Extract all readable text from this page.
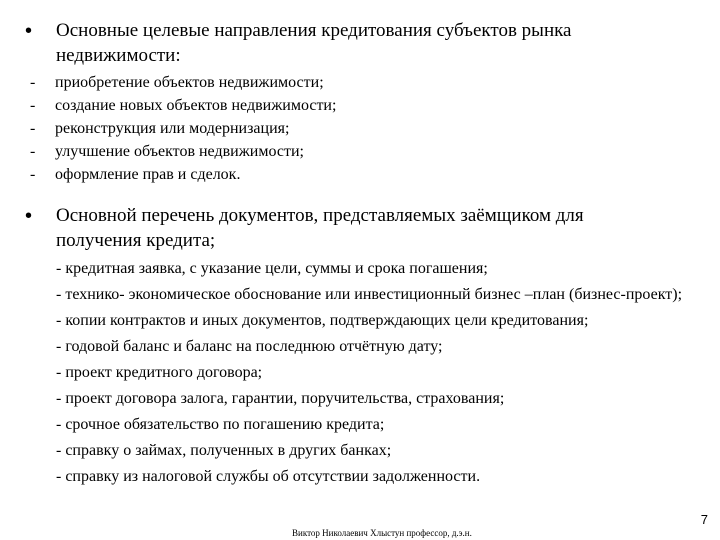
• Основные целевые направления кредитования субъектов рынка недвижимости:
- приобретение объектов недвижимости;
- создание новых объектов недвижимости;
- реконструкция или модернизация;
- улучшение объектов недвижимости;
- оформление прав и сделок.
• Основной перечень документов, представляемых заёмщиком для получения кредита;
- кредитная заявка, с указание цели, суммы и срока погашения;
- технико- экономическое обоснование или инвестиционный бизнес –план (бизнес-проект);
- копии контрактов и иных документов, подтверждающих цели кредитования;
- годовой баланс и баланс на последнюю отчётную дату;
- проект кредитного договора;
- проект договора залога, гарантии, поручительства, страхования;
- срочное обязательство по погашению кредита;
- справку о займах, полученных в других банках;
- справку из налоговой службы об отсутствии задолженности.
7
Виктор Николаевич Хлыстун профессор, д.э.н.
